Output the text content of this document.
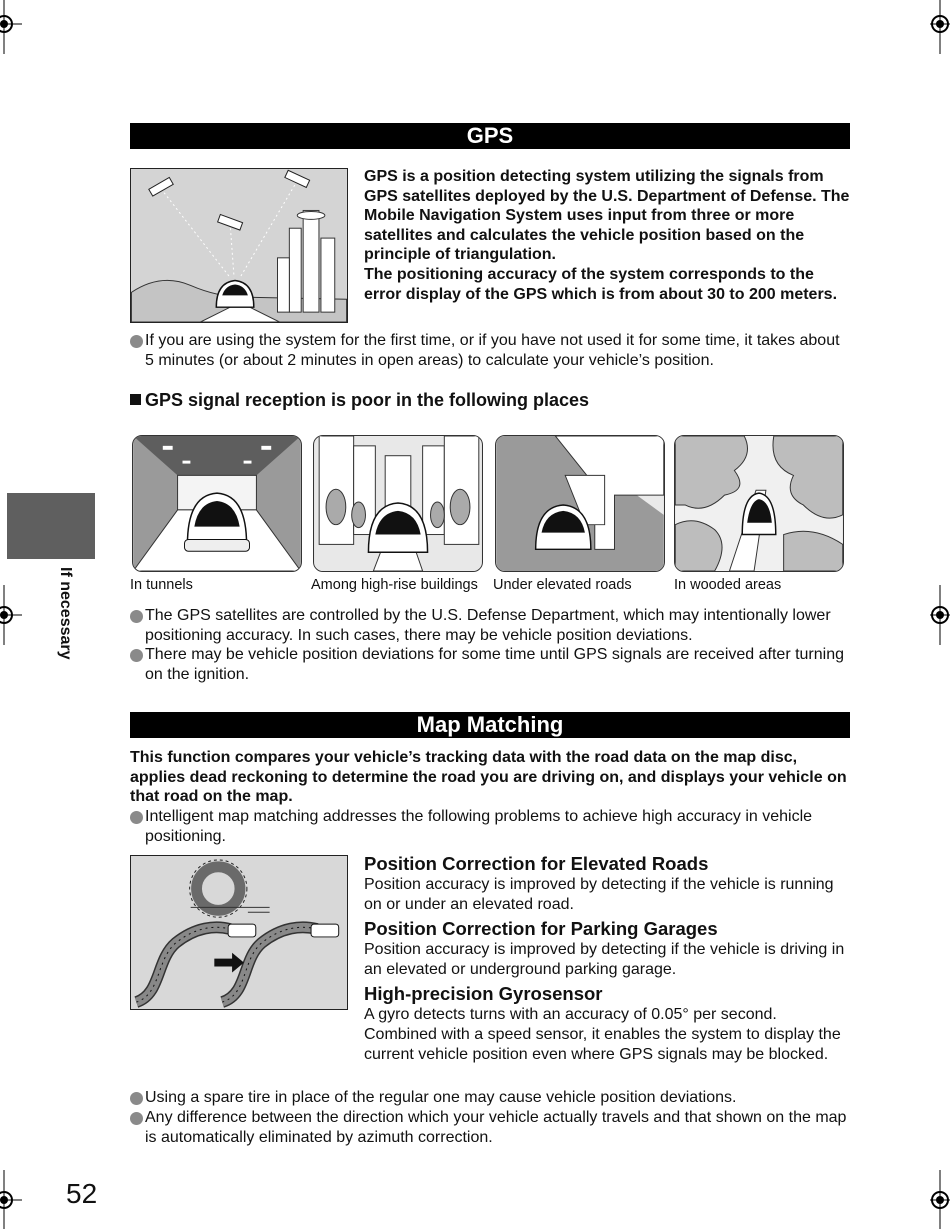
If necessary
GPS

GPS is a position detecting system utilizing the signals from GPS satellites deployed by the U.S. Department of Defense. The Mobile Navigation System uses input from three or more satellites and calculates the vehicle position based on the principle of triangulation.

The positioning accuracy of the system corresponds to the error display of the GPS which is from about 30 to 200 meters.

If you are using the system for the first time, or if you have not used it for some time, it takes about 5 minutes (or about 2 minutes in open areas) to calculate your vehicle’s position.
GPS signal reception is poor in the following places
In tunnels	Among high-rise buildings Under elevated roads	In wooded areas
The GPS satellites are controlled by the U.S. Defense Department, which may intentionally lower positioning accuracy. In such cases, there may be vehicle position deviations.
There may be vehicle position deviations for some time until GPS signals are received after turning on the ignition.
Map Matching
This function compares your vehicle’s tracking data with the road data on the map disc, applies dead reckoning to determine the road you are driving on, and displays your vehicle on that road on the map.
Intelligent map matching addresses the following problems to achieve high accuracy in vehicle positioning.
Position Correction for Elevated Roads

Position accuracy is improved by detecting if the vehicle is running on or under an elevated road.

Position Correction for Parking Garages

Position accuracy is improved by detecting if the vehicle is driving in an elevated or underground parking garage.

High-precision Gyrosensor

A gyro detects turns with an accuracy of 0.05° per second. Combined with a speed sensor, it enables the system to display the current vehicle position even where GPS signals may be blocked.

Using a spare tire in place of the regular one may cause vehicle position deviations.
Any difference between the direction which your vehicle actually travels and that shown on the map is automatically eliminated by azimuth correction.
52
